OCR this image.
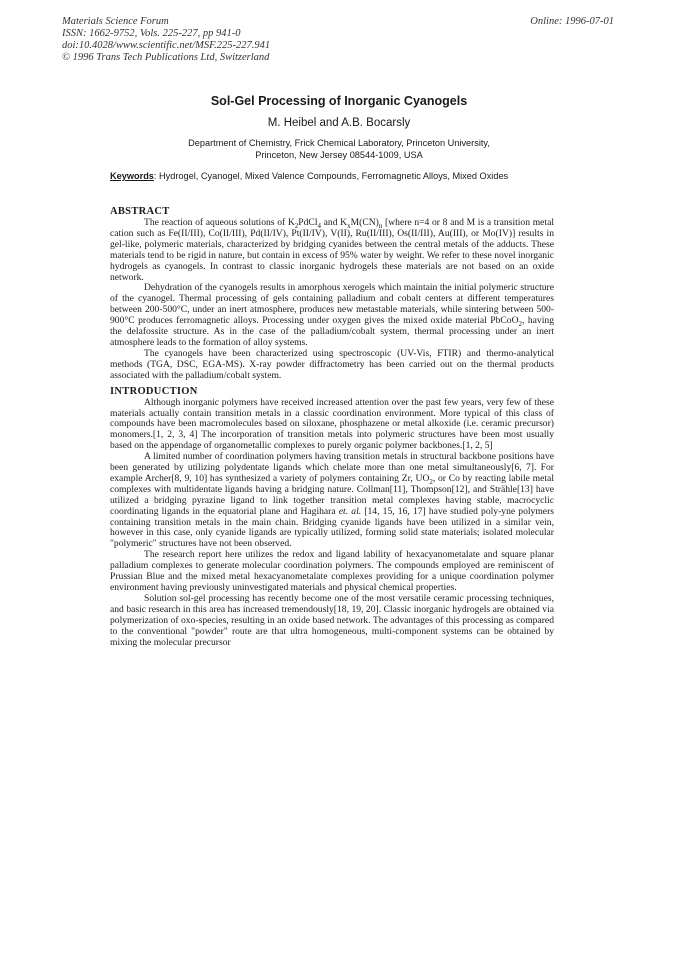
Materials Science Forum
ISSN: 1662-9752, Vols. 225-227, pp 941-0
doi:10.4028/www.scientific.net/MSF.225-227.941
© 1996 Trans Tech Publications Ltd, Switzerland
Online: 1996-07-01
Sol-Gel Processing of Inorganic Cyanogels
M. Heibel and A.B. Bocarsly
Department of Chemistry, Frick Chemical Laboratory, Princeton University,
Princeton, New Jersey 08544-1009, USA
Keywords: Hydrogel, Cyanogel, Mixed Valence Compounds, Ferromagnetic Alloys, Mixed Oxides
ABSTRACT

The reaction of aqueous solutions of $K_2PdCl_4$ and $K_xM(CN)_n$ [where n=4 or 8 and M is a transition metal cation such as Fe(II/III), Co(II/III), Pd(II/IV), Pt(II/IV), V(II), Ru(II/III), Os(II/III), Au(III), or Mo(IV)] results in gel-like, polymeric materials, characterized by bridging cyanides between the central metals of the adducts. These materials tend to be rigid in nature, but contain in excess of 95% water by weight. We refer to these novel inorganic hydrogels as cyanogels. In contrast to classic inorganic hydrogels these materials are not based on an oxide network.

Dehydration of the cyanogels results in amorphous xerogels which maintain the initial polymeric structure of the cyanogel. Thermal processing of gels containing palladium and cobalt centers at different temperatures between 200-500°C, under an inert atmosphere, produces new metastable materials, while sintering between 500-900°C produces ferromagnetic alloys. Processing under oxygen gives the mixed oxide material PbCoO$_2$, having the delafossite structure. As in the case of the palladium/cobalt system, thermal processing under an inert atmosphere leads to the formation of alloy systems.

The cyanogels have been characterized using spectroscopic (UV-Vis, FTIR) and thermo-analytical methods (TGA, DSC, EGA-MS). X-ray powder diffractometry has been carried out on the thermal products associated with the palladium/cobalt system.

INTRODUCTION

Although inorganic polymers have received increased attention over the past few years, very few of these materials actually contain transition metals in a classic coordination environment. More typical of this class of compounds have been macromolecules based on siloxane, phosphazene or metal alkoxide (i.e. ceramic precursor) monomers.[1, 2, 3, 4] The incorporation of transition metals into polymeric structures have been most usually based on the appendage of organometallic complexes to purely organic polymer backbones.[1, 2, 5]

A limited number of coordination polymers having transition metals in structural backbone positions have been generated by utilizing polydentate ligands which chelate more than one metal simultaneously[6, 7]. For example Archer[8, 9, 10] has synthesized a variety of polymers containing Zr, $UO_2$, or Co by reacting labile metal complexes with multidentate ligands having a bridging nature. Collman[11], Thompson[12], and Strähle[13] have utilized a bridging pyrazine ligand to link together transition metal complexes having stable, macrocyclic coordinating ligands in the equatorial plane and Hagihara et. al. [14, 15, 16, 17] have studied poly-yne polymers containing transition metals in the main chain. Bridging cyanide ligands have been utilized in a similar vein, however in this case, only cyanide ligands are typically utilized, forming solid state materials; isolated molecular "polymeric" structures have not been observed.

The research report here utilizes the redox and ligand lability of hexacyanometalate and square planar palladium complexes to generate molecular coordination polymers. The compounds employed are reminiscent of Prussian Blue and the mixed metal hexacyanometalate complexes providing for a unique coordination polymer environment having previously uninvestigated materials and physical chemical properties.

Solution sol-gel processing has recently become one of the most versatile ceramic processing techniques, and basic research in this area has increased tremendously[18, 19, 20]. Classic inorganic hydrogels are obtained via polymerization of oxo-species, resulting in an oxide based network. The advantages of this processing as compared to the conventional "powder" route are that ultra homogeneous, multi-component systems can be obtained by mixing the molecular precursor
